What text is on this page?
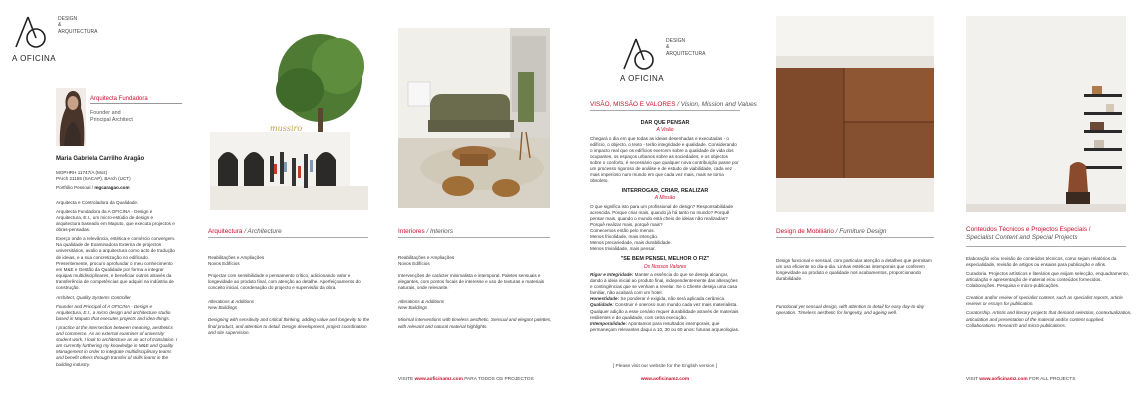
DESIGN
&
ARQUITECTURA
A OFICINA
Arquitecta Fundadora
Founder and
Principal Architect
Maria Gabriela Carrilho Aragão
MOPHRH 11747/A (Moz)
PArch 21155 (SACAP), BArch (UCT)
Portfólio Pessoal / mgcaragao.com

Arquitecta e Controladora da Qualidade.

Arquitecta Fundadora da A OFICINA - Design e Arquitectura, E.I., um micro-estúdio de design e arquitectura baseado em Maputo, que executa projectos e obras-pensadas.

Exerço onde a relevância, estética e comércio convergem. Na qualidade de Examinadora Externa de projectos universitários, avalio a arquitectura como acto de tradução de ideias, e a sua concretização no edificado. Presentemente, procuro aprofundar o meu conhecimento em M&E e Gestão da Qualidade por forma a integrar equipas multidisciplinares, e beneficiar outros através da transferência de competências que adquiri na indústria de construção.

Architect, Quality Systems Controller

Founder and Principal of A OFICINA - Design e Arquitectura, E.I., a micro design and architecture studio based in Maputo that executes projects and idea-things.

I practice at the intersection between meaning, aesthetics and commerce. As an external examiner of university student work, I look to architecture as an act of translation. I am currently furthering my knowledge in M&E and Quality Management in order to integrate multidisciplinary teams and benefit others through transfer of skills learnt in the building industry.

mussiro
Arquitectura / Architecture
Reabilitações e Ampliações
Novos Edifícios

Projectar com sensibilidade e pensamento crítico, adicionando valor e longevidade ao produto final, com atenção ao detalhe. Aperfeiçoamento do conceito inicial, coordenação do projecto e supervisão da obra.

Alterations & Additions
New Buildings

Designing with sensitivity and critical thinking, adding value and longevity to the final product, and attention to detail. Design development, project coordination and site supervision.

Interiores / Interiors
Reabilitações e Ampliações
Novos Edifícios

Intervenções de carácter minimalista e intemporal. Paletes sensuais e elegantes, com pontos focais de interesse e uso de texturas e materiais naturais, onde relevante.

Alterations & Additions
New Buildings

Minimal interventions with timeless aesthetic. Sensual and elegant palettes, with relevant and natural material highlights.

VISITE www.aoficinamz.com PARA TODOS OS PROJECTOS
DESIGN
&
ARQUITECTURA
A OFICINA
VISÃO, MISSÃO E VALORES / Vision, Mission and Values
DAR QUE PENSAR
A Visão

Chegará o dia em que todas as ideias desenhadas e executadas - o edifício, o objecto, o texto - terão integridade e qualidade. Considerando o impacto real que os edifícios exercem sobre a qualidade de vida dos ocupantes, os espaços urbanos sobre as sociedades, e os objectos sobre o conforto, é necessário que qualquer nova contribuição passe por um processo rigoroso de análise e de estudo de viabilidade, cada vez mais imperioso num mundo em que cada vez mais, mais se torna obsoleto.

INTERROGAR, CRIAR, REALIZAR
A Missão

O que significa isto para um profissional de design? Responsabilidade acrescida. Porque criar mais, quando já há tanto no mundo? Porquê pensar mais, quando o mundo está cheio de ideias não realizadas? Porquê realizar mais, porquê mais?

Comecemos então pelo menos.
Menos frivolidade, mais intenção.
Menos precariedade, mais durabilidade.
Menos trivialidade, mais pensar.
"SE BEM PENSEI, MELHOR O FIZ"
Os Nossos Valores
Rigor e Integridade: Manter a essência do que se deseja alcançar, dando à ideia inicial ao produto final, independentemente das alterações e contingências que se venham a revelar. Se o Cliente deseja uma casa familiar, não acabará com um hotel.
Honestidade: Se ponderar é exigida, não será aplicada cerâmica.
Qualidade: Construir é oneroso num mundo cada vez mais materialista. Qualquer adição a esse cenário requer durabilidade através de materiais resilientes e de qualidade, com cetra execução.
Intemporalidade: Apontamos para resultados intemporais, que permaneçam relevantes daqui a 10, 30 ou 60 anos: futuras arqueologias.
[ Please visit our website for the English version ]
www.aoficinamz.com
Design de Mobiliário / Furniture Design

Design funcional e sensual, com particular atenção a detalhes que permitam um uso eficiente no dia-a-dia. Linhas estéticas intemporais que conferem longevidade ao produto e qualidade nos acabamentos, proporcionando durabilidade.

Functional yet sensual design, with attention to detail for easy day-to-day operation. Timeless aesthetic for longevity, and ageing well.

Conteúdos Técnicos e Projectos Especiais /
Specialist Content and Special Projects

Elaboração e/ou revisão de conteúdos técnicos, como sejam relatórios da especialidade, revisão de artigos ou ensaios para publicação e afins.

Curadoria. Projectos artísticos e literários que exijam selecção, enquadramento, articulação e apresentação de material e/ou conteúdos fornecidos. Colaborações. Pesquisa e micro-publicações.

Creation and/or review of specialist content, such as specialist reports, article reviews or essays for publication.

Curatorship. Artistic and literary projects that demand selection, contextualization, articulation and presentation of the material and/or content supplied. Collaborations. Research and micro-publications.

VISIT www.aoficinamz.com FOR ALL PROJECTS
